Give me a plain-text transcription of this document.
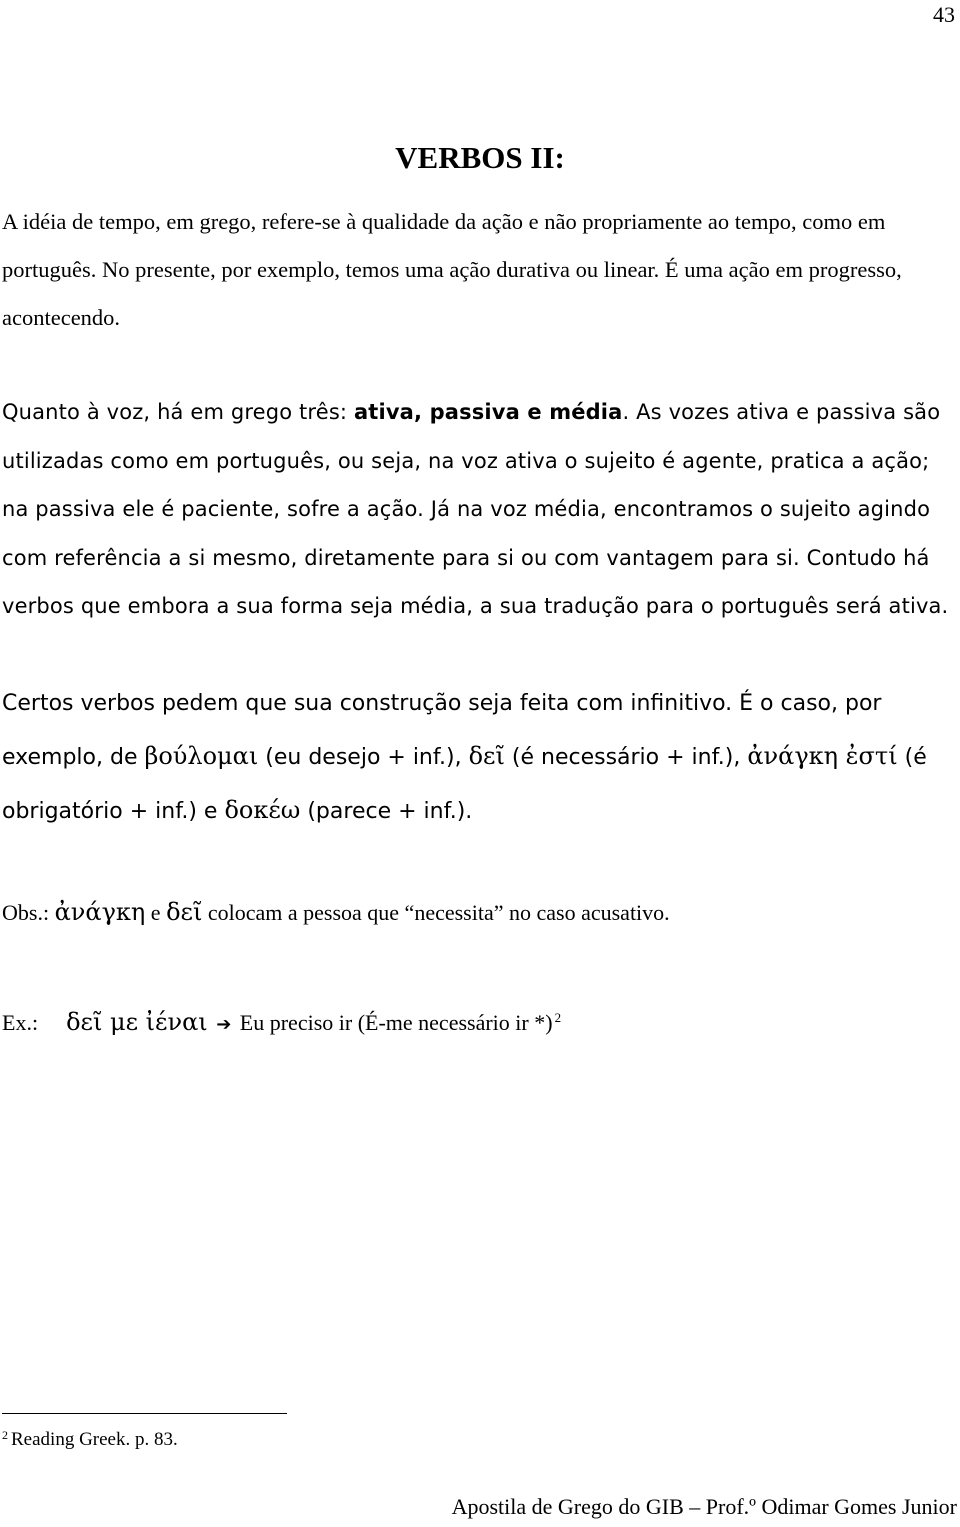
43
VERBOS II:

A idéia de tempo, em grego, refere-se à qualidade da ação e não propriamente ao tempo, como em português. No presente, por exemplo, temos uma ação durativa ou linear. É uma ação em progresso, acontecendo.

Quanto à voz, há em grego três: ativa, passiva e média. As vozes ativa e passiva são utilizadas como em português, ou seja, na voz ativa o sujeito é agente, pratica a ação; na passiva ele é paciente, sofre a ação. Já na voz média, encontramos o sujeito agindo com referência a si mesmo, diretamente para si ou com vantagem para si. Contudo há verbos que embora a sua forma seja média, a sua tradução para o português será ativa.

Certos verbos pedem que sua construção seja feita com infinitivo. É o caso, por exemplo, de βούλομαι (eu desejo + inf.), δεῖ (é necessário + inf.), ἀνάγκη ἐστί (é obrigatório + inf.) e δοκέω (parece + inf.).

Obs.: ἀνάγκη e δεῖ colocam a pessoa que “necessita” no caso acusativo.

Ex.: δεῖ με ἰέναι ➔ Eu preciso ir (É-me necessário ir *) $^2$

$^2$ Reading Greek. p. 83.
Apostila de Grego do GIB – Prof.º Odimar Gomes Junior
